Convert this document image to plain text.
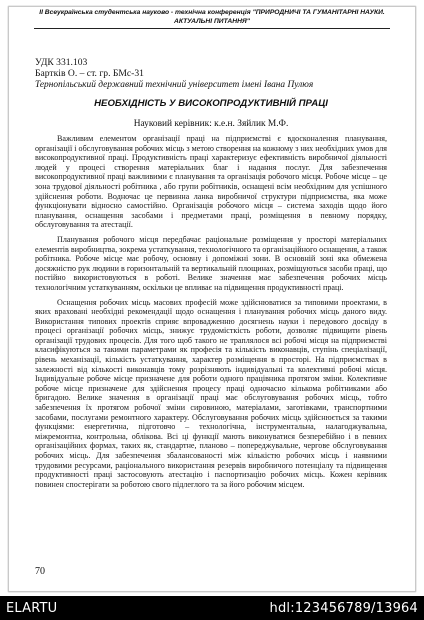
ІІ Всеукраїнська студентська науково - технічна конференція "ПРИРОДНИЧІ ТА ГУМАНІТАРНІ НАУКИ.
АКТУАЛЬНІ ПИТАННЯ"
УДК 331.103
Бартків О. – ст. гр. БМс-31
Тернопільський державний технічний університет імені Івана Пулюя
НЕОБХІДНІСТЬ У ВИСОКОПРОДУКТИВНІЙ ПРАЦІ
Науковий керівник: к.е.н. Зяйлик М.Ф.

Важливим елементом організації праці на підприємстві є вдосконалення планування, організації і обслуговування робочих місць з метою створення на кожному з них необхідних умов для високопродуктивної праці. Продуктивність праці характеризує ефективність виробничої діяльності людей у процесі створення матеріальних благ і надання послуг. Для забезпечення високопродуктивної праці важливими є планування та організація робочого місця. Робоче місце – це зона трудової діяльності робітника , або групи робітників, оснащені всім необхідним для успішного здійснення роботи. Водночас це первинна ланка виробничої структури підприємства, яка може функціонувати відносно самостійно. Організація робочого місця – система заходів щодо його планування, оснащення засобами і предметами праці, розміщення в певному порядку, обслуговування та атестації.

Планування робочого місця передбачає раціональне розміщення у просторі матеріальних елементів виробництва, зокрема устаткування, технологічного та організаційного оснащення, а також робітника. Робоче місце має робочу, основну і допоміжні зони. В основній зоні яка обмежена досяжністю рук людини в горизонтальній та вертикальній площинах, розміщуються засоби праці, що постійно використовуються в роботі. Велике значення має забезпечення робочих місць технологічним устаткуванням, оскільки це впливає на підвищення продуктивності праці.

Оснащення робочих місць масових професій може здійснюватися за типовими проектами, в яких враховані необхідні рекомендації щодо оснащення і планування робочих місць даного виду. Використання типових проектів сприяє впровадженню досягнень науки і передового досвіду в процесі організації робочих місць, знижує трудомісткість роботи, дозволяє підвищити рівень організації трудових процесів. Для того щоб такого не траплялося всі робочі місця на підприємстві класифікуються за такими параметрами як професія та кількість виконавців, ступінь спеціалізації, рівень механізації, кількість устаткування, характер розміщення в просторі. На підприємствах в залежності від кількості виконавців тому розрізняють індивідуальні та колективні робочі місця. Індивідуальне робоче місце призначене для роботи одного працівника протягом зміни. Колективне робоче місце призначене для здійснення процесу праці одночасно кількома робітниками або бригадою. Велике значення в організації праці має обслуговування робочих місць, тобто забезпечення їх протягом робочої зміни сировиною, матеріалами, заготівками, транспортними засобами, послугами ремонтного характеру. Обслуговування робочих місць здійснюється за такими функціями: енергетична, підготовчо – технологічна, інструментальна, налагоджувальна, міжремонтна, контрольна, облікова. Всі ці функції мають виконуватися безперебійно і в певних організаційних формах, таких як, стандартне, планово – попереджувальне, чергове обслуговування робочих місць. Для забезпечення збалансованості між кількістю робочих місць і наявними трудовими ресурсами, раціонального використання резервів виробничого потенціалу та підвищення продуктивності праці застосовують атестацію і паспортизацію робочих місць. Кожен керівник повинен спостерігати за роботою свого підлеглого та за його робочим місцем.

70
ELARTU	hdl:123456789/13964
